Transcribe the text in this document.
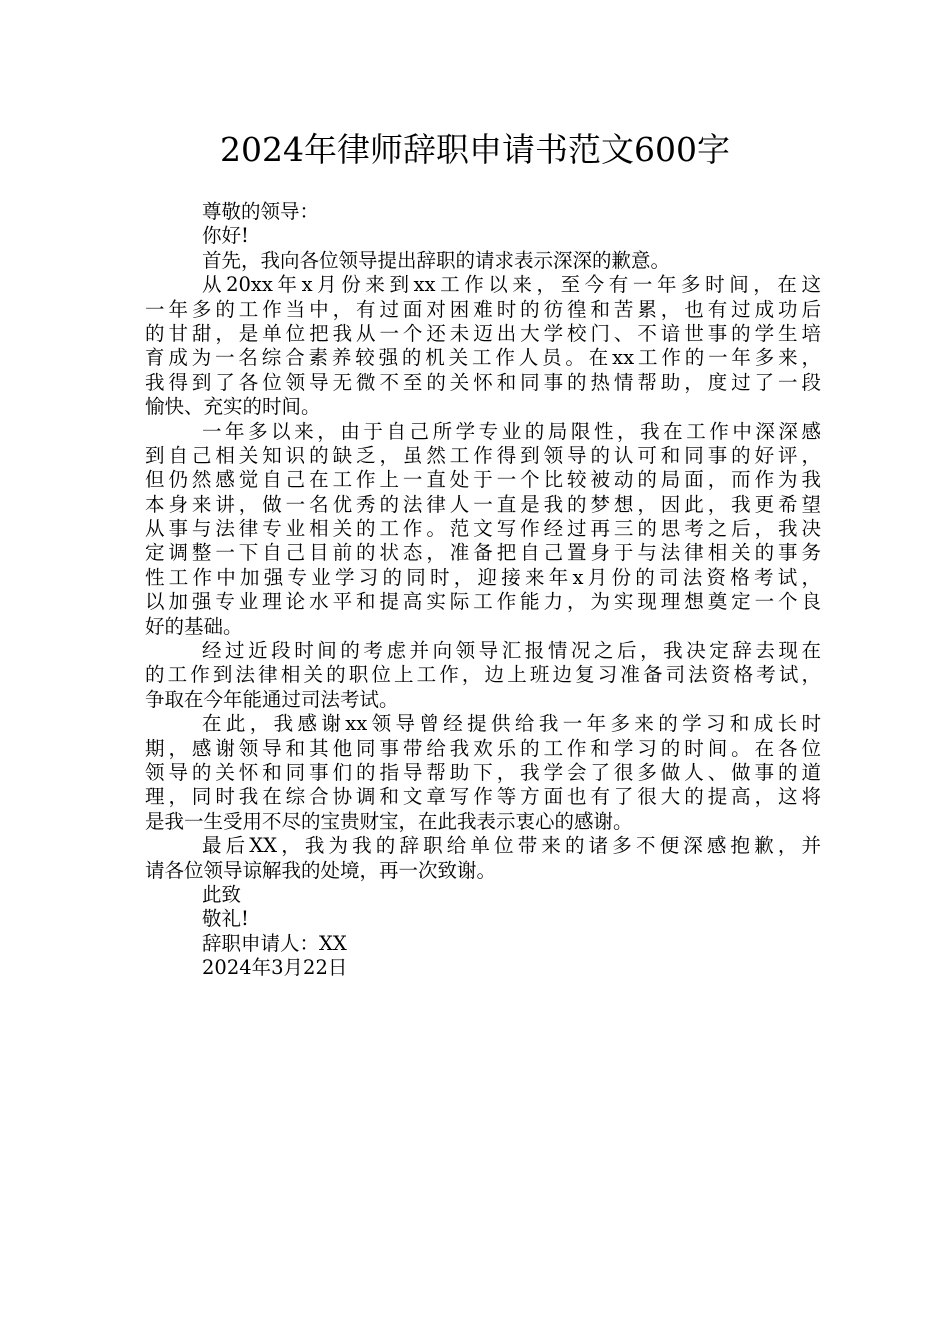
2024年律师辞职申请书范文600字
尊敬的领导：
你好!
首先，我向各位领导提出辞职的请求表示深深的歉意。
从20xx年x月份来到xx工作以来，至今有一年多时间，在这
一年多的工作当中，有过面对困难时的彷徨和苦累，也有过成功后
的甘甜，是单位把我从一个还未迈出大学校门、不谙世事的学生培
育成为一名综合素养较强的机关工作人员。在xx工作的一年多来，
我得到了各位领导无微不至的关怀和同事的热情帮助，度过了一段
愉快、充实的时间。
一年多以来，由于自己所学专业的局限性，我在工作中深深感
到自己相关知识的缺乏，虽然工作得到领导的认可和同事的好评，
但仍然感觉自己在工作上一直处于一个比较被动的局面，而作为我
本身来讲，做一名优秀的法律人一直是我的梦想，因此，我更希望
从事与法律专业相关的工作。范文写作经过再三的思考之后，我决
定调整一下自己目前的状态，准备把自己置身于与法律相关的事务
性工作中加强专业学习的同时，迎接来年x月份的司法资格考试，
以加强专业理论水平和提高实际工作能力，为实现理想奠定一个良
好的基础。
经过近段时间的考虑并向领导汇报情况之后，我决定辞去现在
的工作到法律相关的职位上工作，边上班边复习准备司法资格考试，
争取在今年能通过司法考试。
在此，我感谢xx领导曾经提供给我一年多来的学习和成长时
期，感谢领导和其他同事带给我欢乐的工作和学习的时间。在各位
领导的关怀和同事们的指导帮助下，我学会了很多做人、做事的道
理，同时我在综合协调和文章写作等方面也有了很大的提高，这将
是我一生受用不尽的宝贵财宝，在此我表示衷心的感谢。
最后XX，我为我的辞职给单位带来的诸多不便深感抱歉，并
请各位领导谅解我的处境，再一次致谢。
此致
敬礼!
辞职申请人：XX
2024年3月22日
